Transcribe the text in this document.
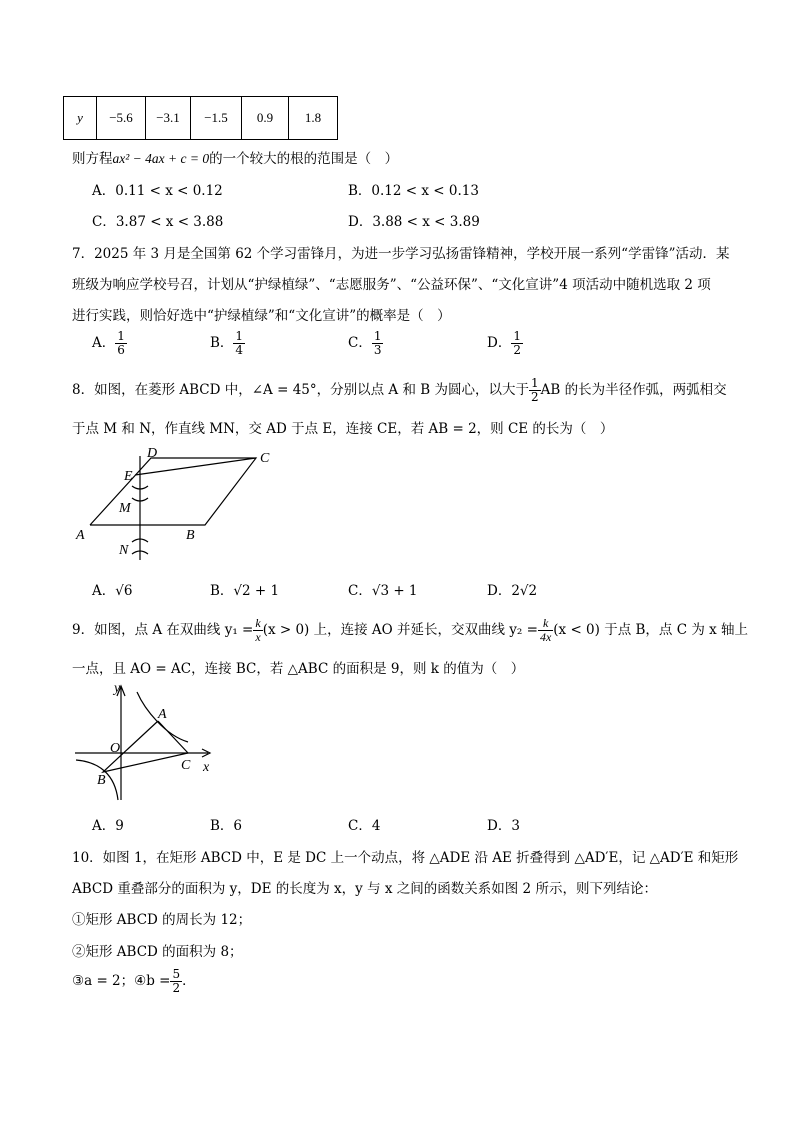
y	−5.6	−3.1	−1.5	0.9	1.8
则方程ax² − 4ax + c = 0的一个较大的根的范围是（　）
A．0.11 < x < 0.12	B．0.12 < x < 0.13
C．3.87 < x < 3.88	D．3.88 < x < 3.89
7．2025 年 3 月是全国第 62 个学习雷锋月，为进一步学习弘扬雷锋精神，学校开展一系列“学雷锋”活动．某
班级为响应学校号召，计划从“护绿植绿”、“志愿服务”、“公益环保”、“文化宣讲”4 项活动中随机选取 2 项
进行实践，则恰好选中“护绿植绿”和“文化宣讲”的概率是（　）
A． $\frac{1}{6}$	B． $\frac{1}{4}$	C． $\frac{1}{3}$	D． $\frac{1}{2}$
8．如图，在菱形 ABCD 中，∠A = 45°，分别以点 A 和 B 为圆心，以大于 $\frac{1}{2}$ AB 的长为半径作弧，两弧相交
于点 M 和 N，作直线 MN，交 AD 于点 E，连接 CE，若 AB = 2，则 CE 的长为（　）
A	B
C
D
E
M
N
A．√6	B．√2 + 1	C．√3 + 1	D．2√2
9．如图，点 A 在双曲线 $y_1 = \frac{k}{x} (x > 0)$ 上，连接 AO 并延长，交双曲线 $y_2 = \frac{k}{4x} (x < 0)$ 于点 B，点 C 为 x 轴上
一点，且 AO = AC，连接 BC，若 △ABC 的面积是 9，则 k 的值为（　）
y
x
O
A
B
C
A．9	B．6	C．4	D．3
10．如图 1，在矩形 ABCD 中，E 是 DC 上一个动点，将 △ADE 沿 AE 折叠得到 △AD′E，记 △AD′E 和矩形
ABCD 重叠部分的面积为 y，DE 的长度为 x，y 与 x 之间的函数关系如图 2 所示，则下列结论：
①矩形 ABCD 的周长为 12；
②矩形 ABCD 的面积为 8；
③a = 2；④b = $\frac{5}{2}$ ．
